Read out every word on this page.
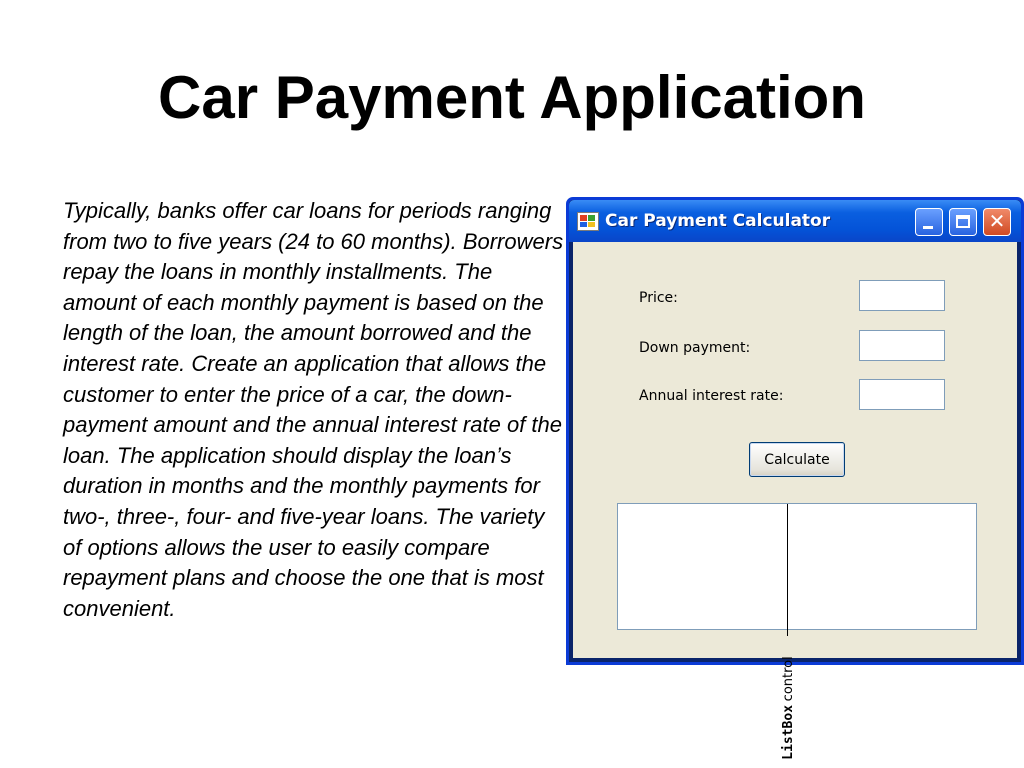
Car Payment Application
Typically, banks offer car loans for periods ranging from two to five years (24 to 60 months). Borrowers repay the loans in monthly installments. The amount of each monthly payment is based on the length of the loan, the amount borrowed and the interest rate. Create an application that allows the customer to enter the price of a car, the down-payment amount and the annual interest rate of the loan. The application should display the loan’s duration in months and the monthly payments for two-, three-, four- and five-year loans. The variety of options allows the user to easily compare repayment plans and choose the one that is most convenient.
Car Payment Calculator	✕
Price:
Down payment:
Annual interest rate:
Calculate
ListBox control
